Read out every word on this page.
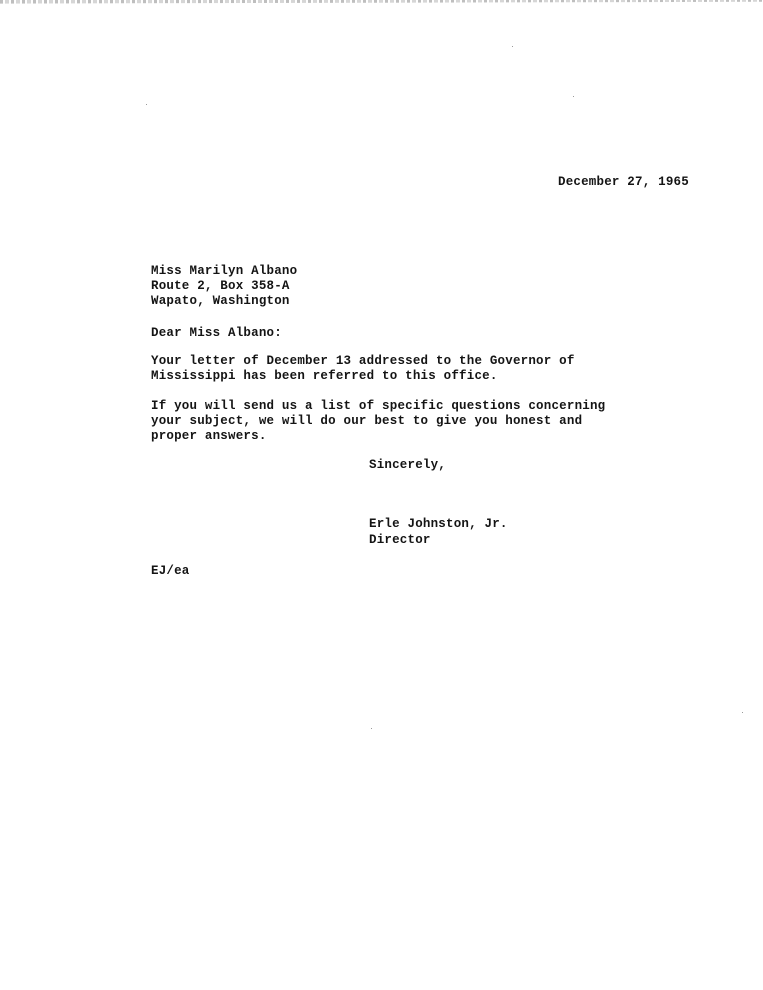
December 27, 1965
Miss Marilyn Albano
Route 2, Box 358-A
Wapato, Washington
Dear Miss Albano:
Your letter of December 13 addressed to the Governor of
Mississippi has been referred to this office.
If you will send us a list of specific questions concerning
your subject, we will do our best to give you honest and
proper answers.
Sincerely,
Erle Johnston, Jr.
Director
EJ/ea
